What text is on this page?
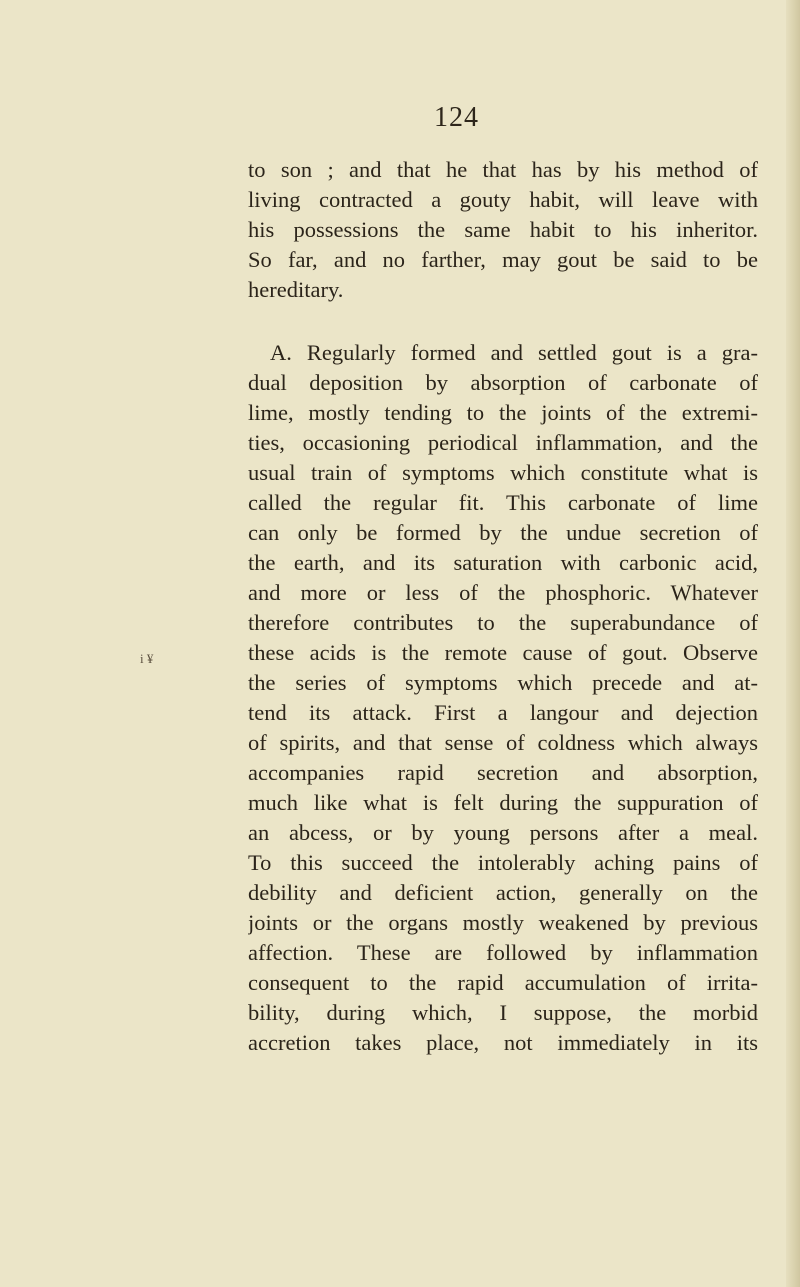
124
i ¥
to son ; and that he that has by his method of
living contracted a gouty habit, will leave with
his possessions the same habit to his inheritor.
So far, and no farther, may gout be said to be
hereditary.
A. Regularly formed and settled gout is a gra-
dual deposition by absorption of carbonate of
lime, mostly tending to the joints of the extremi-
ties, occasioning periodical inflammation, and the
usual train of symptoms which constitute what is
called the regular fit. This carbonate of lime
can only be formed by the undue secretion of
the earth, and its saturation with carbonic acid,
and more or less of the phosphoric. Whatever
therefore contributes to the superabundance of
these acids is the remote cause of gout. Observe
the series of symptoms which precede and at-
tend its attack. First a langour and dejection
of spirits, and that sense of coldness which always
accompanies rapid secretion and absorption,
much like what is felt during the suppuration of
an abcess, or by young persons after a meal.
To this succeed the intolerably aching pains of
debility and deficient action, generally on the
joints or the organs mostly weakened by previous
affection. These are followed by inflammation
consequent to the rapid accumulation of irrita-
bility, during which, I suppose, the morbid
accretion takes place, not immediately in its
